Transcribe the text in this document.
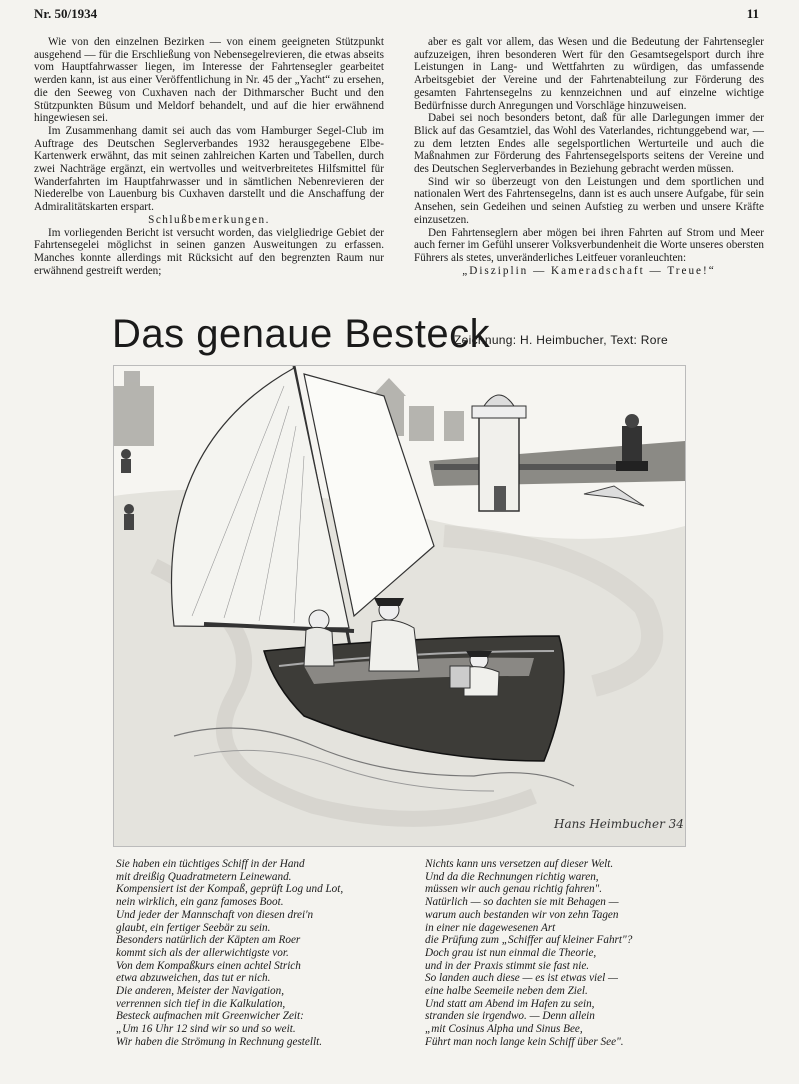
Nr. 50/1934	11

Wie von den einzelnen Bezirken — von einem geeigneten Stützpunkt ausgehend — für die Erschließung von Nebensegelrevieren, die etwas abseits vom Hauptfahrwasser liegen, im Interesse der Fahrtensegler gearbeitet werden kann, ist aus einer Veröffentlichung in Nr. 45 der „Yacht“ zu ersehen, die den Seeweg von Cuxhaven nach der Dithmarscher Bucht und den Stützpunkten Büsum und Meldorf behandelt, und auf die hier erwähnend hingewiesen sei.

Im Zusammenhang damit sei auch das vom Hamburger Segel-Club im Auftrage des Deutschen Seglerverbandes 1932 herausgegebene Elbe-Kartenwerk erwähnt, das mit seinen zahlreichen Karten und Tabellen, durch zwei Nachträge ergänzt, ein wertvolles und weitverbreitetes Hilfsmittel für Wanderfahrten im Hauptfahrwasser und in sämtlichen Nebenrevieren der Niederelbe von Lauenburg bis Cuxhaven darstellt und die Anschaffung der Admiralitätskarten erspart.

Schlußbemerkungen.

Im vorliegenden Bericht ist versucht worden, das vielgliedrige Gebiet der Fahrtensegelei möglichst in seinen ganzen Ausweitungen zu erfassen. Manches konnte allerdings mit Rücksicht auf den begrenzten Raum nur erwähnend gestreift werden;

aber es galt vor allem, das Wesen und die Bedeutung der Fahrtensegler aufzuzeigen, ihren besonderen Wert für den Gesamtsegelsport durch ihre Leistungen in Lang- und Wettfahrten zu würdigen, das umfassende Arbeitsgebiet der Vereine und der Fahrtenabteilung zur Förderung des gesamten Fahrtensegelns zu kennzeichnen und auf einzelne wichtige Bedürfnisse durch Anregungen und Vorschläge hinzuweisen.

Dabei sei noch besonders betont, daß für alle Darlegungen immer der Blick auf das Gesamtziel, das Wohl des Vaterlandes, richtunggebend war, — zu dem letzten Endes alle segelsportlichen Werturteile und auch die Maßnahmen zur Förderung des Fahrtensegelsports seitens der Vereine und des Deutschen Seglerverbandes in Beziehung gebracht werden müssen.

Sind wir so überzeugt von den Leistungen und dem sportlichen und nationalen Wert des Fahrtensegelns, dann ist es auch unsere Aufgabe, für sein Ansehen, sein Gedeihen und seinen Aufstieg zu werben und unsere Kräfte einzusetzen.

Den Fahrtenseglern aber mögen bei ihren Fahrten auf Strom und Meer auch ferner im Gefühl unserer Volksverbundenheit die Worte unseres obersten Führers als stetes, unveränderliches Leitfeuer voranleuchten:

„Disziplin — Kameradschaft — Treue!“

Das genaue Besteck
Zeichnung: H. Heimbucher, Text: Rore
Hans Heimbucher 34
Sie haben ein tüchtiges Schiff in der Hand
mit dreißig Quadratmetern Leinewand.
Kompensiert ist der Kompaß, geprüft Log und Lot,
nein wirklich, ein ganz famoses Boot.
Und jeder der Mannschaft von diesen drei'n
glaubt, ein fertiger Seebär zu sein.
Besonders natürlich der Käpten am Roer
kommt sich als der allerwichtigste vor.
Von dem Kompaßkurs einen achtel Strich
etwa abzuweichen, das tut er nich.
Die anderen, Meister der Navigation,
verrennen sich tief in die Kalkulation,
Besteck aufmachen mit Greenwicher Zeit:
„Um 16 Uhr 12 sind wir so und so weit.
Wir haben die Strömung in Rechnung gestellt.
Nichts kann uns versetzen auf dieser Welt.
Und da die Rechnungen richtig waren,
müssen wir auch genau richtig fahren".
Natürlich — so dachten sie mit Behagen —
warum auch bestanden wir von zehn Tagen
in einer nie dagewesenen Art
die Prüfung zum „Schiffer auf kleiner Fahrt"?
Doch grau ist nun einmal die Theorie,
und in der Praxis stimmt sie fast nie.
So landen auch diese — es ist etwas viel —
eine halbe Seemeile neben dem Ziel.
Und statt am Abend im Hafen zu sein,
stranden sie irgendwo. — Denn allein
„mit Cosinus Alpha und Sinus Bee,
Führt man noch lange kein Schiff über See".
